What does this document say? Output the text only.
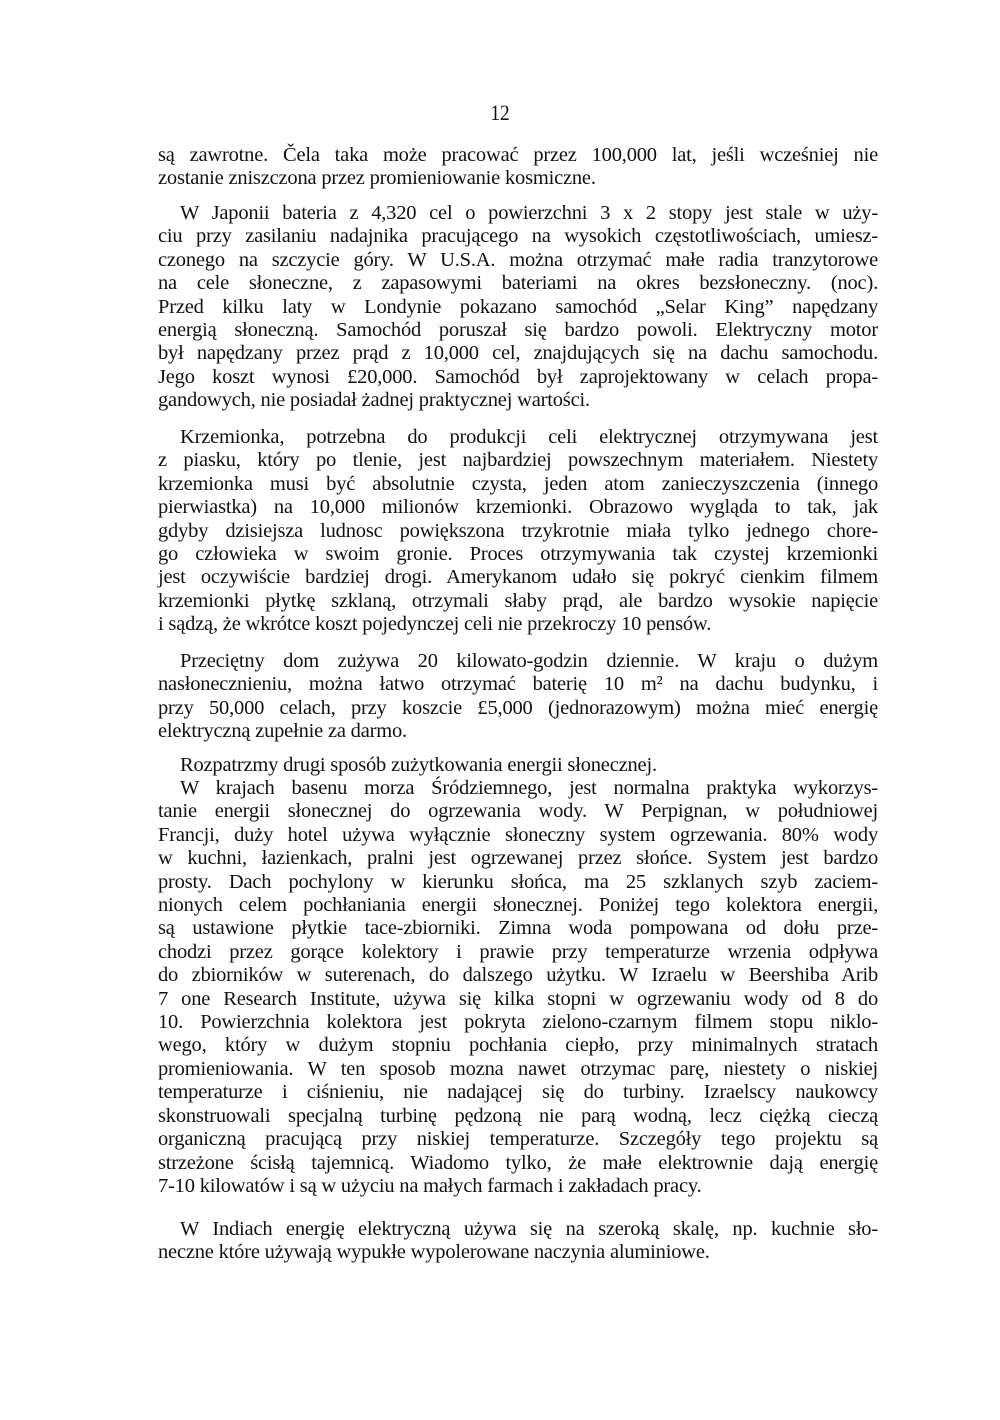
12
są zawrotne. Čela taka może pracować przez 100,000 lat, jeśli wcześniej nie
zostanie zniszczona przez promieniowanie kosmiczne.
W Japonii bateria z 4,320 cel o powierzchni 3 x 2 stopy jest stale w uży-
ciu przy zasilaniu nadajnika pracującego na wysokich częstotliwościach, umiesz-
czonego na szczycie góry. W U.S.A. można otrzymać małe radia tranzytorowe
na cele słoneczne, z zapasowymi bateriami na okres bezsłoneczny. (noc).
Przed kilku laty w Londynie pokazano samochód „Selar King” napędzany
energią słoneczną. Samochód poruszał się bardzo powoli. Elektryczny motor
był napędzany przez prąd z 10,000 cel, znajdujących się na dachu samochodu.
Jego koszt wynosi £20,000. Samochód był zaprojektowany w celach propa-
gandowych, nie posiadał żadnej praktycznej wartości.
Krzemionka, potrzebna do produkcji celi elektrycznej otrzymywana jest
z piasku, który po tlenie, jest najbardziej powszechnym materiałem. Niestety
krzemionka musi być absolutnie czysta, jeden atom zanieczyszczenia (innego
pierwiastka) na 10,000 milionów krzemionki. Obrazowo wygląda to tak, jak
gdyby dzisiejsza ludnosc powiększona trzykrotnie miała tylko jednego chore-
go człowieka w swoim gronie. Proces otrzymywania tak czystej krzemionki
jest oczywiście bardziej drogi. Amerykanom udało się pokryć cienkim filmem
krzemionki płytkę szklaną, otrzymali słaby prąd, ale bardzo wysokie napięcie
i sądzą, że wkrótce koszt pojedynczej celi nie przekroczy 10 pensów.
Przeciętny dom zużywa 20 kilowato-godzin dziennie. W kraju o dużym
nasłonecznieniu, można łatwo otrzymać baterię 10 m² na dachu budynku, i
przy 50,000 celach, przy koszcie £5,000 (jednorazowym) można mieć energię
elektryczną zupełnie za darmo.
Rozpatrzmy drugi sposób zużytkowania energii słonecznej.
W krajach basenu morza Śródziemnego, jest normalna praktyka wykorzys-
tanie energii słonecznej do ogrzewania wody. W Perpignan, w południowej
Francji, duży hotel używa wyłącznie słoneczny system ogrzewania. 80% wody
w kuchni, łazienkach, pralni jest ogrzewanej przez słońce. System jest bardzo
prosty. Dach pochylony w kierunku słońca, ma 25 szklanych szyb zaciem-
nionych celem pochłaniania energii słonecznej. Poniżej tego kolektora energii,
są ustawione płytkie tace-zbiorniki. Zimna woda pompowana od dołu prze-
chodzi przez gorące kolektory i prawie przy temperaturze wrzenia odpływa
do zbiorników w suterenach, do dalszego użytku. W Izraelu w Beershiba Arib
7 one Research Institute, używa się kilka stopni w ogrzewaniu wody od 8 do
10. Powierzchnia kolektora jest pokryta zielono-czarnym filmem stopu niklo-
wego, który w dużym stopniu pochłania ciepło, przy minimalnych stratach
promieniowania. W ten sposob mozna nawet otrzymac parę, niestety o niskiej
temperaturze i ciśnieniu, nie nadającej się do turbiny. Izraelscy naukowcy
skonstruowali specjalną turbinę pędzoną nie parą wodną, lecz ciężką cieczą
organiczną pracującą przy niskiej temperaturze. Szczegóły tego projektu są
strzeżone ścisłą tajemnicą. Wiadomo tylko, że małe elektrownie dają energię
7-10 kilowatów i są w użyciu na małych farmach i zakładach pracy.
W Indiach energię elektryczną używa się na szeroką skalę, np. kuchnie sło-
neczne które używają wypukłe wypolerowane naczynia aluminiowe.
